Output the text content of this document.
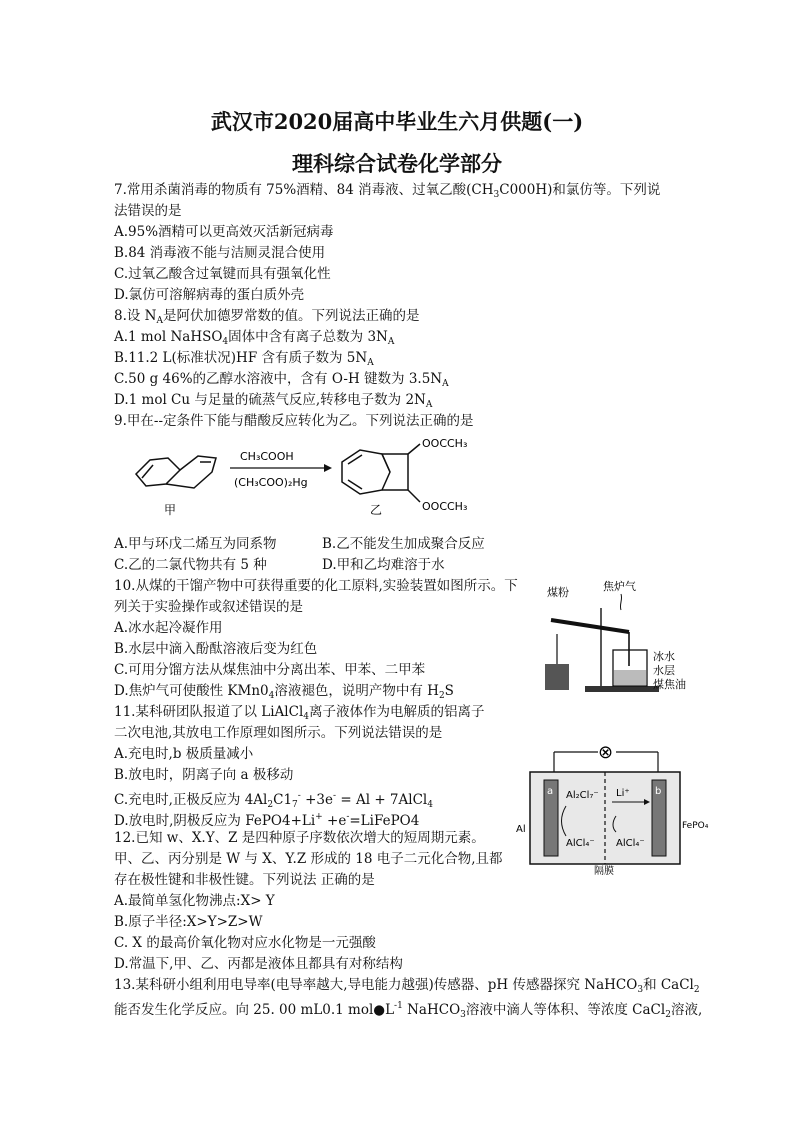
武汉市2020届高中毕业生六月供题(一)
理科综合试卷化学部分
7.常用杀菌消毒的物质有 75%酒精、84 消毒液、过氧乙酸$(CH_3C000H)$和氯仿等。下列说
法错误的是
A.95%酒精可以更高效灭活新冠病毒
B.84 消毒液不能与洁厕灵混合使用
C.过氧乙酸含过氧键而具有强氧化性
D.氯仿可溶解病毒的蛋白质外壳
8.设 $N_A$是阿伏加德罗常数的值。下列说法正确的是
A.1 mol NaHSO$_4$固体中含有离子总数为 $3N_A$
B.11.2 L(标准状况)HF 含有质子数为 $5N_A$
C.50 g 46%的乙醇水溶液中，含有 O-H 键数为 $3.5N_A$
D.1 mol Cu 与足量的硫蒸气反应,转移电子数为 $2N_A$
9.甲在--定条件下能与醋酸反应转化为乙。下列说法正确的是
甲
CH₃COOH
(CH₃COO)₂Hg
OOCCH₃
OOCCH₃
乙
A.甲与环戊二烯互为同系物	B.乙不能发生加成聚合反应
C.乙的二氯代物共有 5 种	D.甲和乙均难溶于水
10.从煤的干馏产物中可获得重要的化工原料,实验装置如图所示。下
列关于实验操作或叙述错误的是
A.冰水起冷凝作用
B.水层中滴入酚酞溶液后变为红色
C.可用分馏方法从煤焦油中分离出苯、甲苯、二甲苯
D.焦炉气可使酸性 $KMn0_4$溶液褪色，说明产物中有 $H_2S$
煤粉	焦炉气
冰水
水层
煤焦油
11.某科研团队报道了以 LiAlCl$_4$离子液体作为电解质的铝离子
二次电池,其放电工作原理如图所示。下列说法错误的是
A.充电时,b 极质量减小
B.放电时，阴离子向 a 极移动
C.充电时,正极反应为 $4Al_2C1_7^- +3e^- = Al$ + 7AlCl$_4$
D.放电时,阴极反应为 FePO4+Li+ +e-=LiFePO4
⊗
a	b
Al	FePO₄
Al₂Cl₇⁻
AlCl₄⁻
Li⁺
AlCl₄⁻
隔膜
12.已知 w、X.Y、Z 是四种原子序数依次增大的短周期元素。
甲、乙、丙分别是 W 与 X、Y.Z 形成的 18 电子二元化合物,且都
存在极性键和非极性键。下列说法 正确的是
A.最简单氢化物沸点:X> Y
B.原子半径:X>Y>Z>W
C. X 的最高价氧化物对应水化物是一元强酸
D.常温下,甲、乙、丙都是液体且都具有对称结构
13.某科研小组利用电导率(电导率越大,导电能力越强)传感器、pH 传感器探究 NaHCO$_3$和 CaCl$_2$
能否发生化学反应。向 25. 00 mL0.1 $mol●L^{-1}$ NaHCO$_3$溶液中滴人等体积、等浓度 CaCl$_2$溶液,
